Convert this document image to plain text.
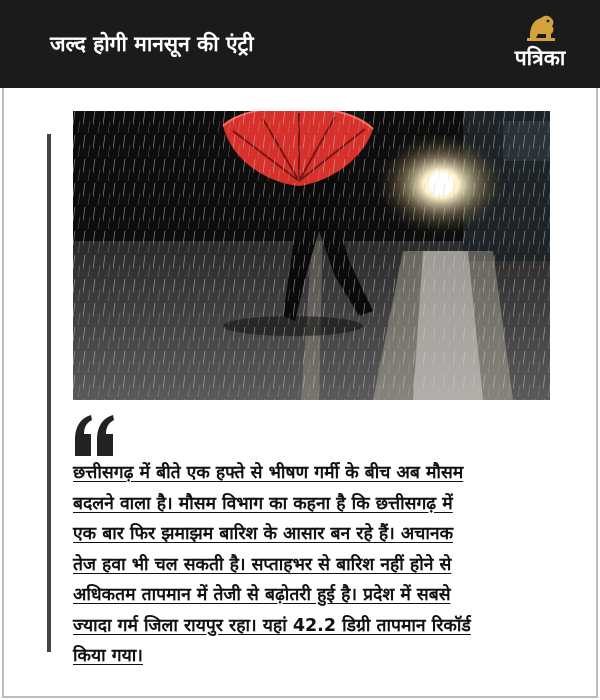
जल्द होगी मानसून की एंट्री
पत्रिका
छत्तीसगढ़ में बीते एक हफ्ते से भीषण गर्मी के बीच अब मौसम
बदलने वाला है। मौसम विभाग का कहना है कि छत्तीसगढ़ में
एक बार फिर झमाझम बारिश के आसार बन रहे हैं। अचानक
तेज हवा भी चल सकती है। सप्ताहभर से बारिश नहीं होने से
अधिकतम तापमान में तेजी से बढ़ोतरी हुई है। प्रदेश में सबसे
ज्यादा गर्म जिला रायपुर रहा। यहां 42.2 डिग्री तापमान रिकॉर्ड
किया गया।
